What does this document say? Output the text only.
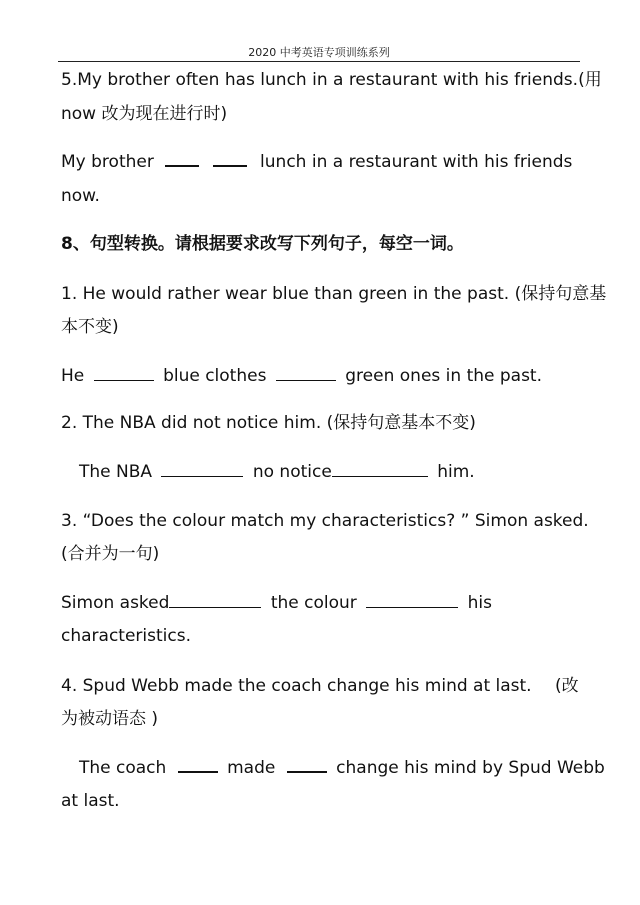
2020 中考英语专项训练系列
5.My brother often has lunch in a restaurant with his friends.(用
now 改为现在进行时)
My brother	lunch in a restaurant with his friends
now.
8、句型转换。请根据要求改写下列句子，每空一词。
1. He would rather wear blue than green in the past. (保持句意基
本不变)
He	blue clothes	green ones in the past.
2. The NBA did not notice him. (保持句意基本不变)
The NBA	no notice	him.
3. “Does the colour match my characteristics? ” Simon asked.
(合并为一句)
Simon asked	the colour	his
characteristics.
4. Spud Webb made the coach change his mind at last. (改
为被动语态 )
The coach	made	change his mind by Spud Webb
at last.
